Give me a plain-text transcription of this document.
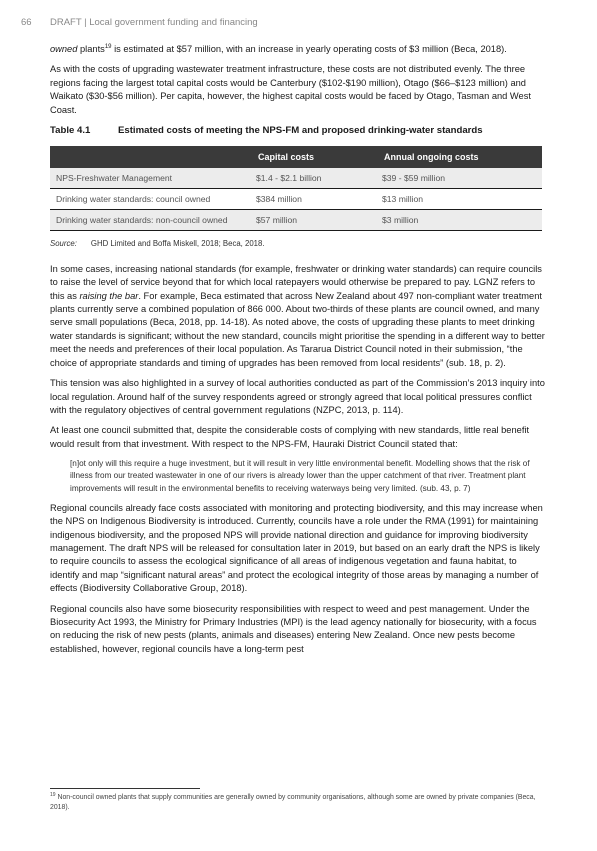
66 DRAFT | Local government funding and financing

owned plants$^{19}$ is estimated at $57 million, with an increase in yearly operating costs of $3 million (Beca, 2018).

As with the costs of upgrading wastewater treatment infrastructure, these costs are not distributed evenly. The three regions facing the largest total capital costs would be Canterbury ($102-$190 million), Otago ($66–$123 million) and Waikato ($30-$56 million). Per capita, however, the highest capital costs would be faced by Otago, Tasman and West Coast.

Table 4.1	Estimated costs of meeting the NPS-FM and proposed drinking-water standards
	Capital costs	Annual ongoing costs
NPS-Freshwater Management	$1.4 - $2.1 billion	$39 - $59 million
Drinking water standards: council owned	$384 million	$13 million
Drinking water standards: non-council owned	$57 million	$3 million
Source: GHD Limited and Boffa Miskell, 2018; Beca, 2018.

In some cases, increasing national standards (for example, freshwater or drinking water standards) can require councils to raise the level of service beyond that for which local ratepayers would otherwise be prepared to pay. LGNZ refers to this as raising the bar. For example, Beca estimated that across New Zealand about 497 non-compliant water treatment plants currently serve a combined population of 866 000. About two-thirds of these plants are council owned, and many serve small populations (Beca, 2018, pp. 14-18). As noted above, the costs of upgrading these plants to meet drinking water standards is significant; without the new standard, councils might prioritise the spending in a different way to better meet the needs and preferences of their local population. As Tararua District Council noted in their submission, “the choice of appropriate standards and timing of upgrades has been removed from local residents” (sub. 18, p. 2).

This tension was also highlighted in a survey of local authorities conducted as part of the Commission’s 2013 inquiry into local regulation. Around half of the survey respondents agreed or strongly agreed that local political pressures conflict with the regulatory objectives of central government regulations (NZPC, 2013, p. 114).

At least one council submitted that, despite the considerable costs of complying with new standards, little real benefit would result from that investment. With respect to the NPS-FM, Hauraki District Council stated that:

[n]ot only will this require a huge investment, but it will result in very little environmental benefit. Modelling shows that the risk of illness from our treated wastewater in one of our rivers is already lower than the upper catchment of that river. Treatment plant improvements will result in the environmental benefits to receiving waterways being very limited. (sub. 43, p. 7)

Regional councils already face costs associated with monitoring and protecting biodiversity, and this may increase when the NPS on Indigenous Biodiversity is introduced. Currently, councils have a role under the RMA (1991) for maintaining indigenous biodiversity, and the proposed NPS will provide national direction and guidance for improving biodiversity management. The draft NPS will be released for consultation later in 2019, but based on an early draft the NPS is likely to require councils to assess the ecological significance of all areas of indigenous vegetation and fauna habitat, to identify and map “significant natural areas” and protect the ecological integrity of those areas by managing a number of effects (Biodiversity Collaborative Group, 2018).

Regional councils also have some biosecurity responsibilities with respect to weed and pest management. Under the Biosecurity Act 1993, the Ministry for Primary Industries (MPI) is the lead agency nationally for biosecurity, with a focus on reducing the risk of new pests (plants, animals and diseases) entering New Zealand. Once new pests become established, however, regional councils have a long-term pest

$^{19}$ Non-council owned plants that supply communities are generally owned by community organisations, although some are owned by private companies (Beca, 2018).
